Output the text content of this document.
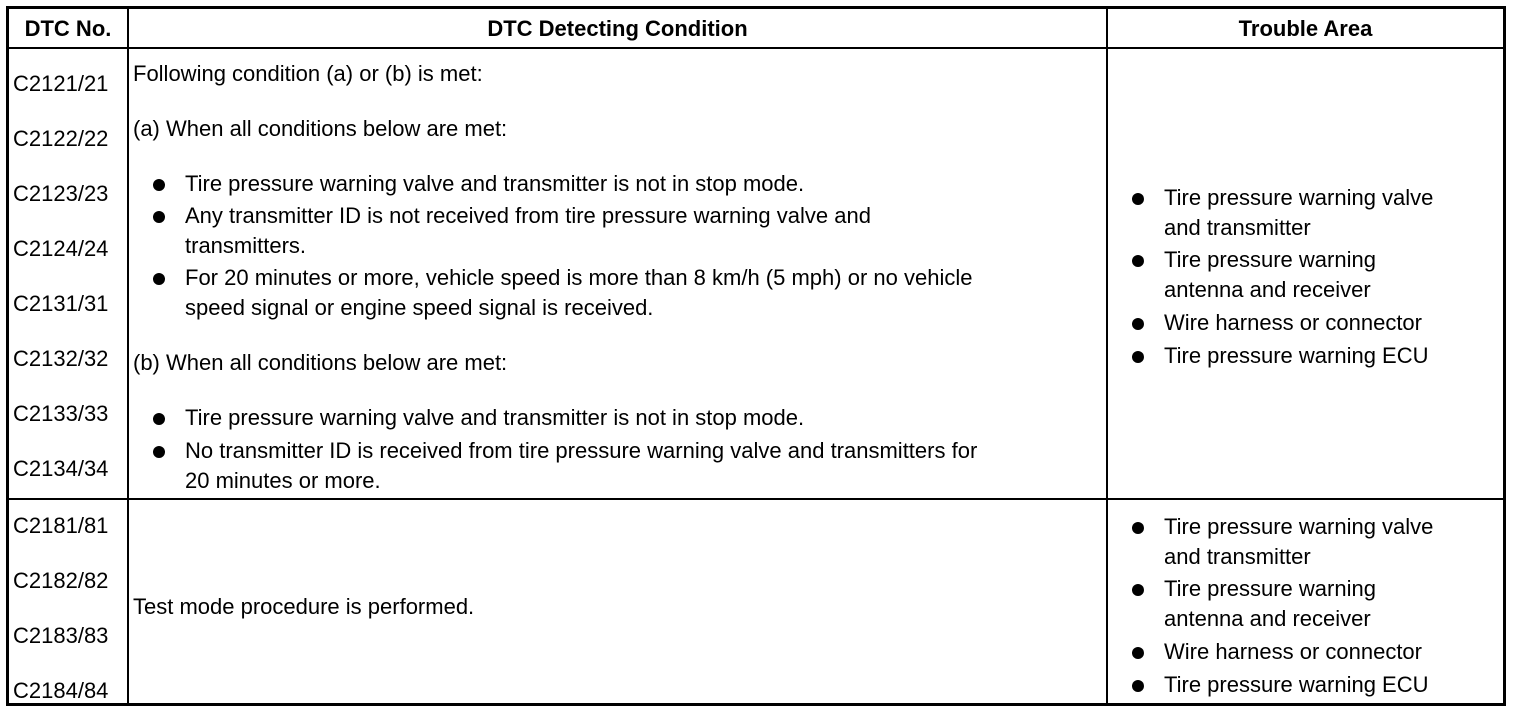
DTC No.	DTC Detecting Condition	Trouble Area
C2121/21
C2122/22
C2123/23
C2124/24
C2131/31
C2132/32
C2133/33
C2134/34
Following condition (a) or (b) is met:
(a) When all conditions below are met:
Tire pressure warning valve and transmitter is not in stop mode.
Any transmitter ID is not received from tire pressure warning valve and
transmitters.
For 20 minutes or more, vehicle speed is more than 8 km/h (5 mph) or no vehicle
speed signal or engine speed signal is received.
(b) When all conditions below are met:
Tire pressure warning valve and transmitter is not in stop mode.
No transmitter ID is received from tire pressure warning valve and transmitters for
20 minutes or more.
Tire pressure warning valve
and transmitter
Tire pressure warning
antenna and receiver
Wire harness or connector
Tire pressure warning ECU
C2181/81
C2182/82
C2183/83
C2184/84
Test mode procedure is performed.
Tire pressure warning valve
and transmitter
Tire pressure warning
antenna and receiver
Wire harness or connector
Tire pressure warning ECU
